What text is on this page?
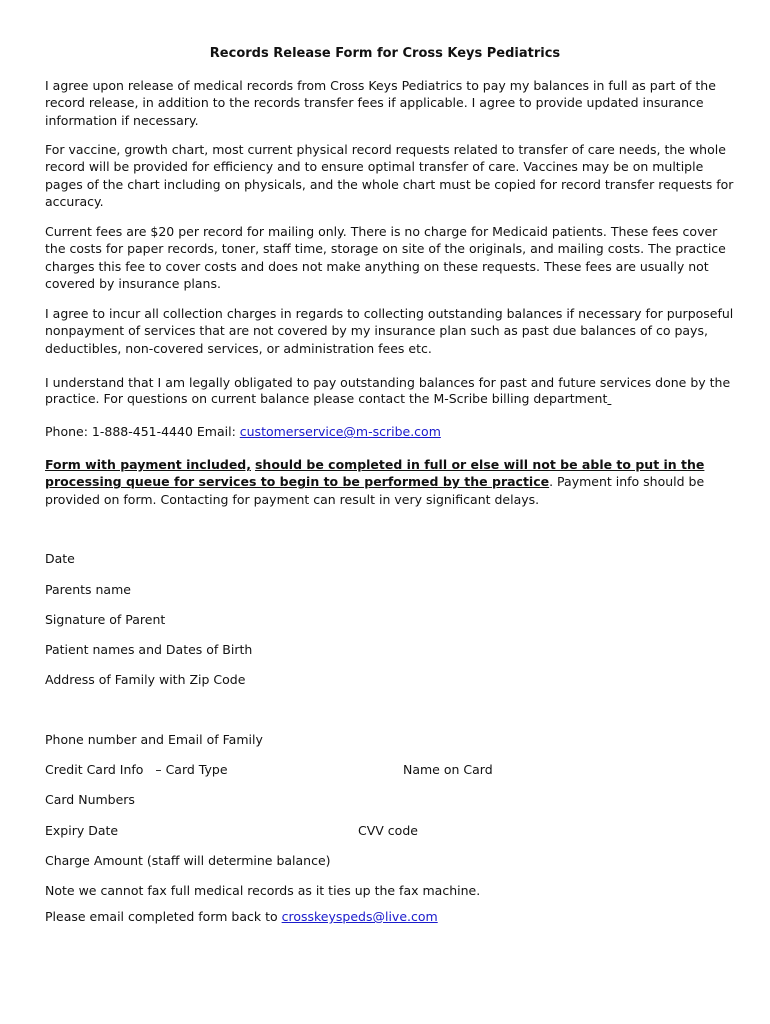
Records Release Form for Cross Keys Pediatrics

I agree upon release of medical records from Cross Keys Pediatrics to pay my balances in full as part of the record release, in addition to the records transfer fees if applicable. I agree to provide updated insurance information if necessary.

For vaccine, growth chart, most current physical record requests related to transfer of care needs, the whole record will be provided for efficiency and to ensure optimal transfer of care. Vaccines may be on multiple pages of the chart including on physicals, and the whole chart must be copied for record transfer requests for accuracy.

Current fees are $20 per record for mailing only. There is no charge for Medicaid patients. These fees cover the costs for paper records, toner, staff time, storage on site of the originals, and mailing costs. The practice charges this fee to cover costs and does not make anything on these requests. These fees are usually not covered by insurance plans.

I agree to incur all collection charges in regards to collecting outstanding balances if necessary for purposeful nonpayment of services that are not covered by my insurance plan such as past due balances of co pays, deductibles, non-covered services, or administration fees etc.

I understand that I am legally obligated to pay outstanding balances for past and future services done by the practice. For questions on current balance please contact the M-Scribe billing department

Phone: 1-888-451-4440 Email: customerservice@m-scribe.com

Form with payment included, should be completed in full or else will not be able to put in the processing queue for services to begin to be performed by the practice. Payment info should be provided on form. Contacting for payment can result in very significant delays.

Date
Parents name
Signature of Parent
Patient names and Dates of Birth
Address of Family with Zip Code
Phone number and Email of Family
Credit Card Info   – Card Type	Name on Card
Card Numbers
Expiry Date	CVV code
Charge Amount (staff will determine balance)
Note we cannot fax full medical records as it ties up the fax machine.
Please email completed form back to crosskeyspeds@live.com
